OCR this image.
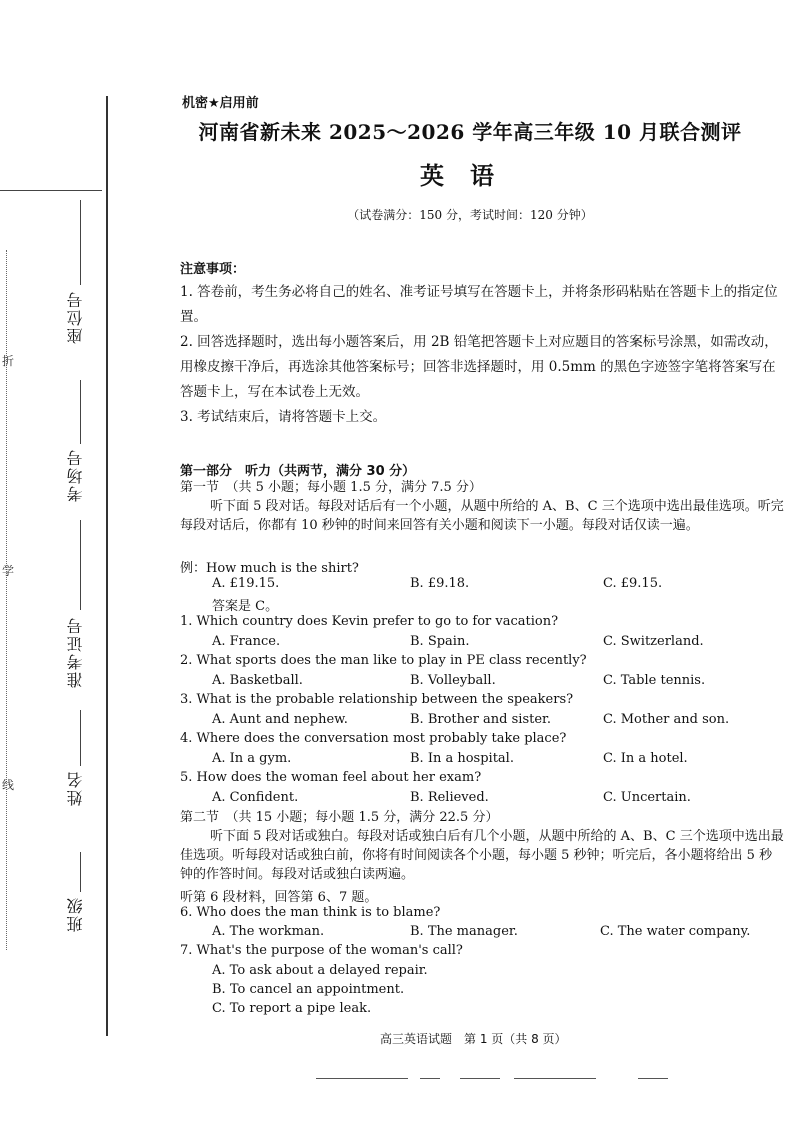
折
学
线
座位号
考场号
准考证号
姓名
班级
机密★启用前
河南省新未来 2025～2026 学年高三年级 10 月联合测评
英语
（试卷满分：150 分，考试时间：120 分钟）
注意事项：
1. 答卷前，考生务必将自己的姓名、准考证号填写在答题卡上，并将条形码粘贴在答题卡上的指定位置。
2. 回答选择题时，选出每小题答案后，用 2B 铅笔把答题卡上对应题目的答案标号涂黑，如需改动，用橡皮擦干净后，再选涂其他答案标号；回答非选择题时，用 0.5mm 的黑色字迹签字笔将答案写在答题卡上，写在本试卷上无效。
3. 考试结束后，请将答题卡上交。
第一部分　听力（共两节，满分 30 分）
第一节　（共 5 小题；每小题 1.5 分，满分 7.5 分）
听下面 5 段对话。每段对话后有一个小题，从题中所给的 A、B、C 三个选项中选出最佳选项。听完每段对话后，你都有 10 秒钟的时间来回答有关小题和阅读下一小题。每段对话仅读一遍。
例：How much is the shirt?
A. £19.15.	B. £9.18.	C. £9.15.
答案是 C。
1. Which country does Kevin prefer to go to for vacation?
A. France.	B. Spain.	C. Switzerland.
2. What sports does the man like to play in PE class recently?
A. Basketball.	B. Volleyball.	C. Table tennis.
3. What is the probable relationship between the speakers?
A. Aunt and nephew.	B. Brother and sister.	C. Mother and son.
4. Where does the conversation most probably take place?
A. In a gym.	B. In a hospital.	C. In a hotel.
5. How does the woman feel about her exam?
A. Confident.	B. Relieved.	C. Uncertain.
第二节　（共 15 小题；每小题 1.5 分，满分 22.5 分）
听下面 5 段对话或独白。每段对话或独白后有几个小题，从题中所给的 A、B、C 三个选项中选出最佳选项。听每段对话或独白前，你将有时间阅读各个小题，每小题 5 秒钟；听完后，各小题将给出 5 秒钟的作答时间。每段对话或独白读两遍。
听第 6 段材料，回答第 6、7 题。
6. Who does the man think is to blame?
A. The workman.	B. The manager.	C. The water company.
7. What's the purpose of the woman's call?
A. To ask about a delayed repair.
B. To cancel an appointment.
C. To report a pipe leak.
高三英语试题　第 1 页（共 8 页）
